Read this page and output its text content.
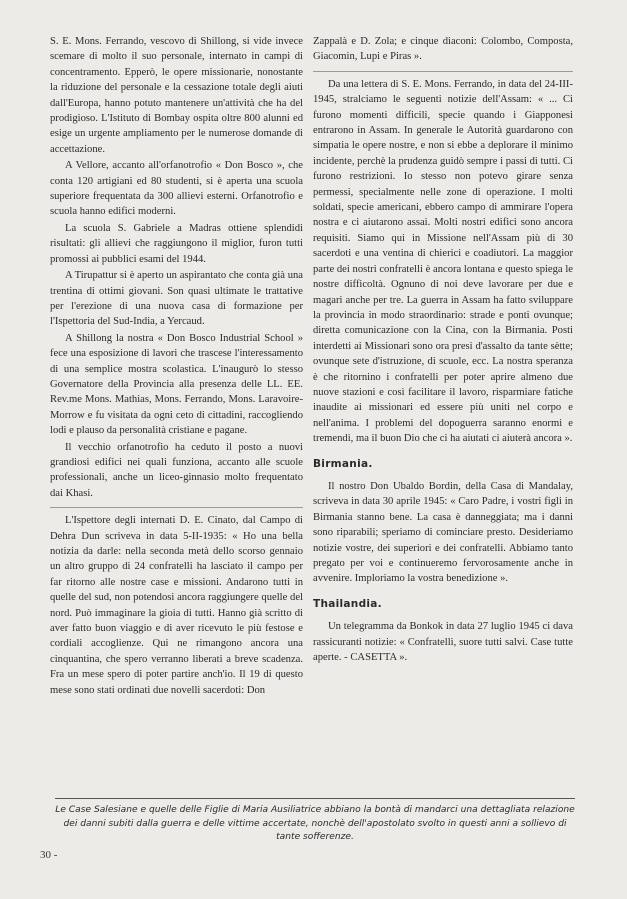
S. E. Mons. Ferrando, vescovo di Shillong, si vide invece scemare di molto il suo personale, internato in campi di concentramento. Epperò, le opere missionarie, nonostante la riduzione del personale e la cessazione totale degli aiuti dall'Europa, hanno potuto mantenere un'attività che ha del prodigioso. L'Istituto di Bombay ospita oltre 800 alunni ed esige un urgente ampliamento per le numerose domande di accettazione.

A Vellore, accanto all'orfanotrofio « Don Bosco », che conta 120 artigiani ed 80 studenti, si è aperta una scuola superiore frequentata da 300 allievi esterni. Orfanotrofio e scuola hanno edifici moderni.

La scuola S. Gabriele a Madras ottiene splendidi risultati: gli allievi che raggiungono il miglior, furon tutti promossi ai pubblici esami del 1944.

A Tirupattur si è aperto un aspirantato che conta già una trentina di ottimi giovani. Son quasi ultimate le trattative per l'erezione di una nuova casa di formazione per l'Ispettoria del Sud-India, a Yercaud.

A Shillong la nostra « Don Bosco Industrial School » fece una esposizione di lavori che trascese l'interessamento di una semplice mostra scolastica. L'inaugurò lo stesso Governatore della Provincia alla presenza delle LL. EE. Rev.me Mons. Mathias, Mons. Ferrando, Mons. Laravoire-Morrow e fu visitata da ogni ceto di cittadini, raccogliendo lodi e plauso da personalità cristiane e pagane.

Il vecchio orfanotrofio ha ceduto il posto a nuovi grandiosi edifici nei quali funziona, accanto alle scuole professionali, anche un liceo-ginnasio molto frequentato dai Khasi.

L'Ispettore degli internati D. E. Cinato, dal Campo di Dehra Dun scriveva in data 5-II-1935: « Ho una bella notizia da darle: nella seconda metà dello scorso gennaio un altro gruppo di 24 confratelli ha lasciato il campo per far ritorno alle nostre case e missioni. Andarono tutti in quelle del sud, non potendosi ancora raggiungere quelle del nord. Può immaginare la gioia di tutti. Hanno già scritto di aver fatto buon viaggio e di aver ricevuto le più festose e cordiali accoglienze. Qui ne rimangono ancora una cinquantina, che spero verranno liberati a breve scadenza. Fra un mese spero di poter partire anch'io. Il 19 di questo mese sono stati ordinati due novelli sacerdoti: Don

Zappalà e D. Zola; e cinque diaconi: Colombo, Composta, Giacomin, Lupi e Piras ».

Da una lettera di S. E. Mons. Ferrando, in data del 24-III-1945, stralciamo le seguenti notizie dell'Assam: « ... Ci furono momenti difficili, specie quando i Giapponesi entrarono in Assam. In generale le Autorità guardarono con simpatia le opere nostre, e non si ebbe a deplorare il minimo incidente, perchè la prudenza guidò sempre i passi di tutti. Ci furono restrizioni. Io stesso non potevo girare senza permessi, specialmente nelle zone di operazione. I molti soldati, specie americani, ebbero campo di ammirare l'opera nostra e ci aiutarono assai. Molti nostri edifici sono ancora requisiti. Siamo qui in Missione nell'Assam più di 30 sacerdoti e una ventina di chierici e coadiutori. La maggior parte dei nostri confratelli è ancora lontana e questo spiega le nostre difficoltà. Ognuno di noi deve lavorare per due e magari anche per tre. La guerra in Assam ha fatto sviluppare la provincia in modo straordinario: strade e ponti ovunque; diretta comunicazione con la Cina, con la Birmania. Posti interdetti ai Missionari sono ora presi d'assalto da tante sètte; ovunque sete d'istruzione, di scuole, ecc. La nostra speranza è che ritornino i confratelli per poter aprire almeno due nuove stazioni e così facilitare il lavoro, risparmiare fatiche inaudite ai missionari ed essere più uniti nel corpo e nell'anima. I problemi del dopoguerra saranno enormi e tremendi, ma il buon Dio che ci ha aiutati ci aiuterà ancora ».

Birmania.

Il nostro Don Ubaldo Bordin, della Casa di Mandalay, scriveva in data 30 aprile 1945: « Caro Padre, i vostri figli in Birmania stanno bene. La casa è danneggiata; ma i danni sono riparabili; speriamo di cominciare presto. Desideriamo notizie vostre, dei superiori e dei confratelli. Abbiamo tanto pregato per voi e continueremo fervorosamente anche in avvenire. Imploriamo la vostra benedizione ».

Thailandia.

Un telegramma da Bonkok in data 27 luglio 1945 ci dava rassicuranti notizie: « Confratelli, suore tutti salvi. Case tutte aperte. - CASETTA ».

Le Case Salesiane e quelle delle Figlie di Maria Ausiliatrice abbiano la bontà di mandarci una dettagliata relazione dei danni subiti dalla guerra e delle vittime accertate, nonchè dell'apostolato svolto in questi anni a sollievo di tante sofferenze.
30 -
